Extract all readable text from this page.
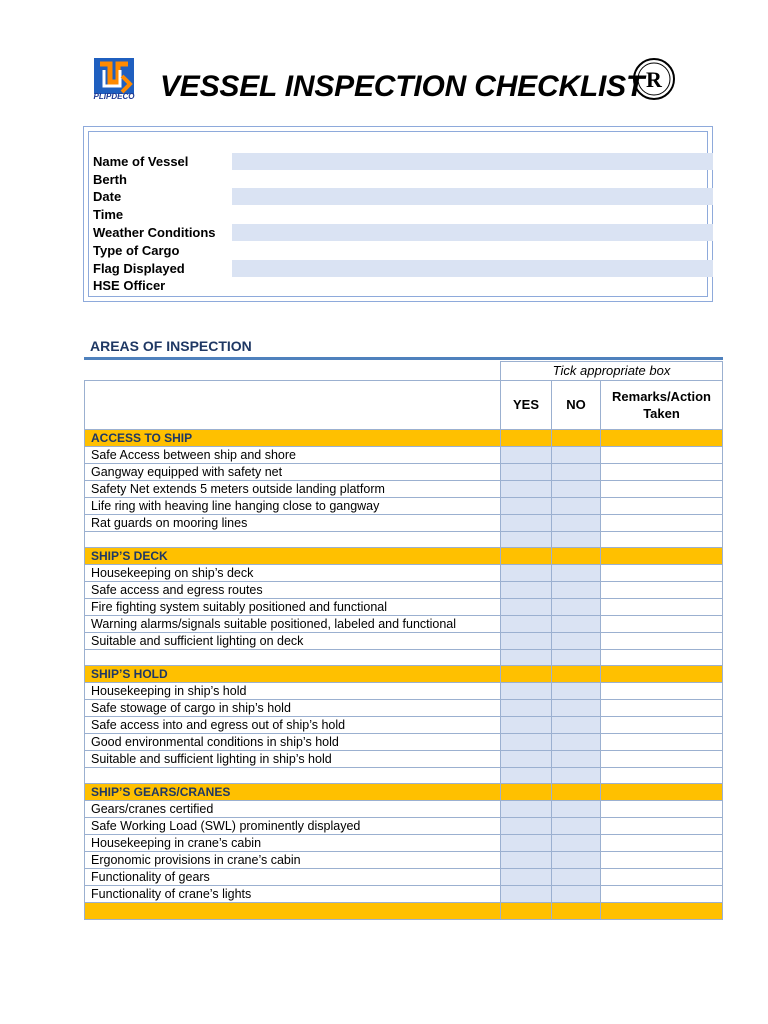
PLIPDECO VESSEL INSPECTION CHECKLIST R
Name of Vessel
Berth
Date
Time
Weather Conditions
Type of Cargo
Flag Displayed
HSE Officer
AREAS OF INSPECTION
	Tick appropriate box		
	YES	NO	Remarks/Action Taken
ACCESS TO SHIP			
Safe Access between ship and shore			
Gangway equipped with safety net			
Safety Net extends 5 meters outside landing platform			
Life ring with heaving line hanging close to gangway			
Rat guards on mooring lines			

SHIP’S DECK			
Housekeeping on ship’s deck			
Safe access and egress routes			
Fire fighting system suitably positioned and functional			
Warning alarms/signals suitable positioned, labeled and functional			
Suitable and sufficient lighting on deck			

SHIP’S HOLD			
Housekeeping in ship’s hold			
Safe stowage of cargo in ship’s hold			
Safe access into and egress out of ship’s hold			
Good environmental conditions in ship’s hold			
Suitable and sufficient lighting in ship’s hold			

SHIP’S GEARS/CRANES			
Gears/cranes certified			
Safe Working Load (SWL) prominently displayed			
Housekeeping in crane’s cabin			
Ergonomic provisions in crane’s cabin			
Functionality of gears			
Functionality of crane’s lights			
